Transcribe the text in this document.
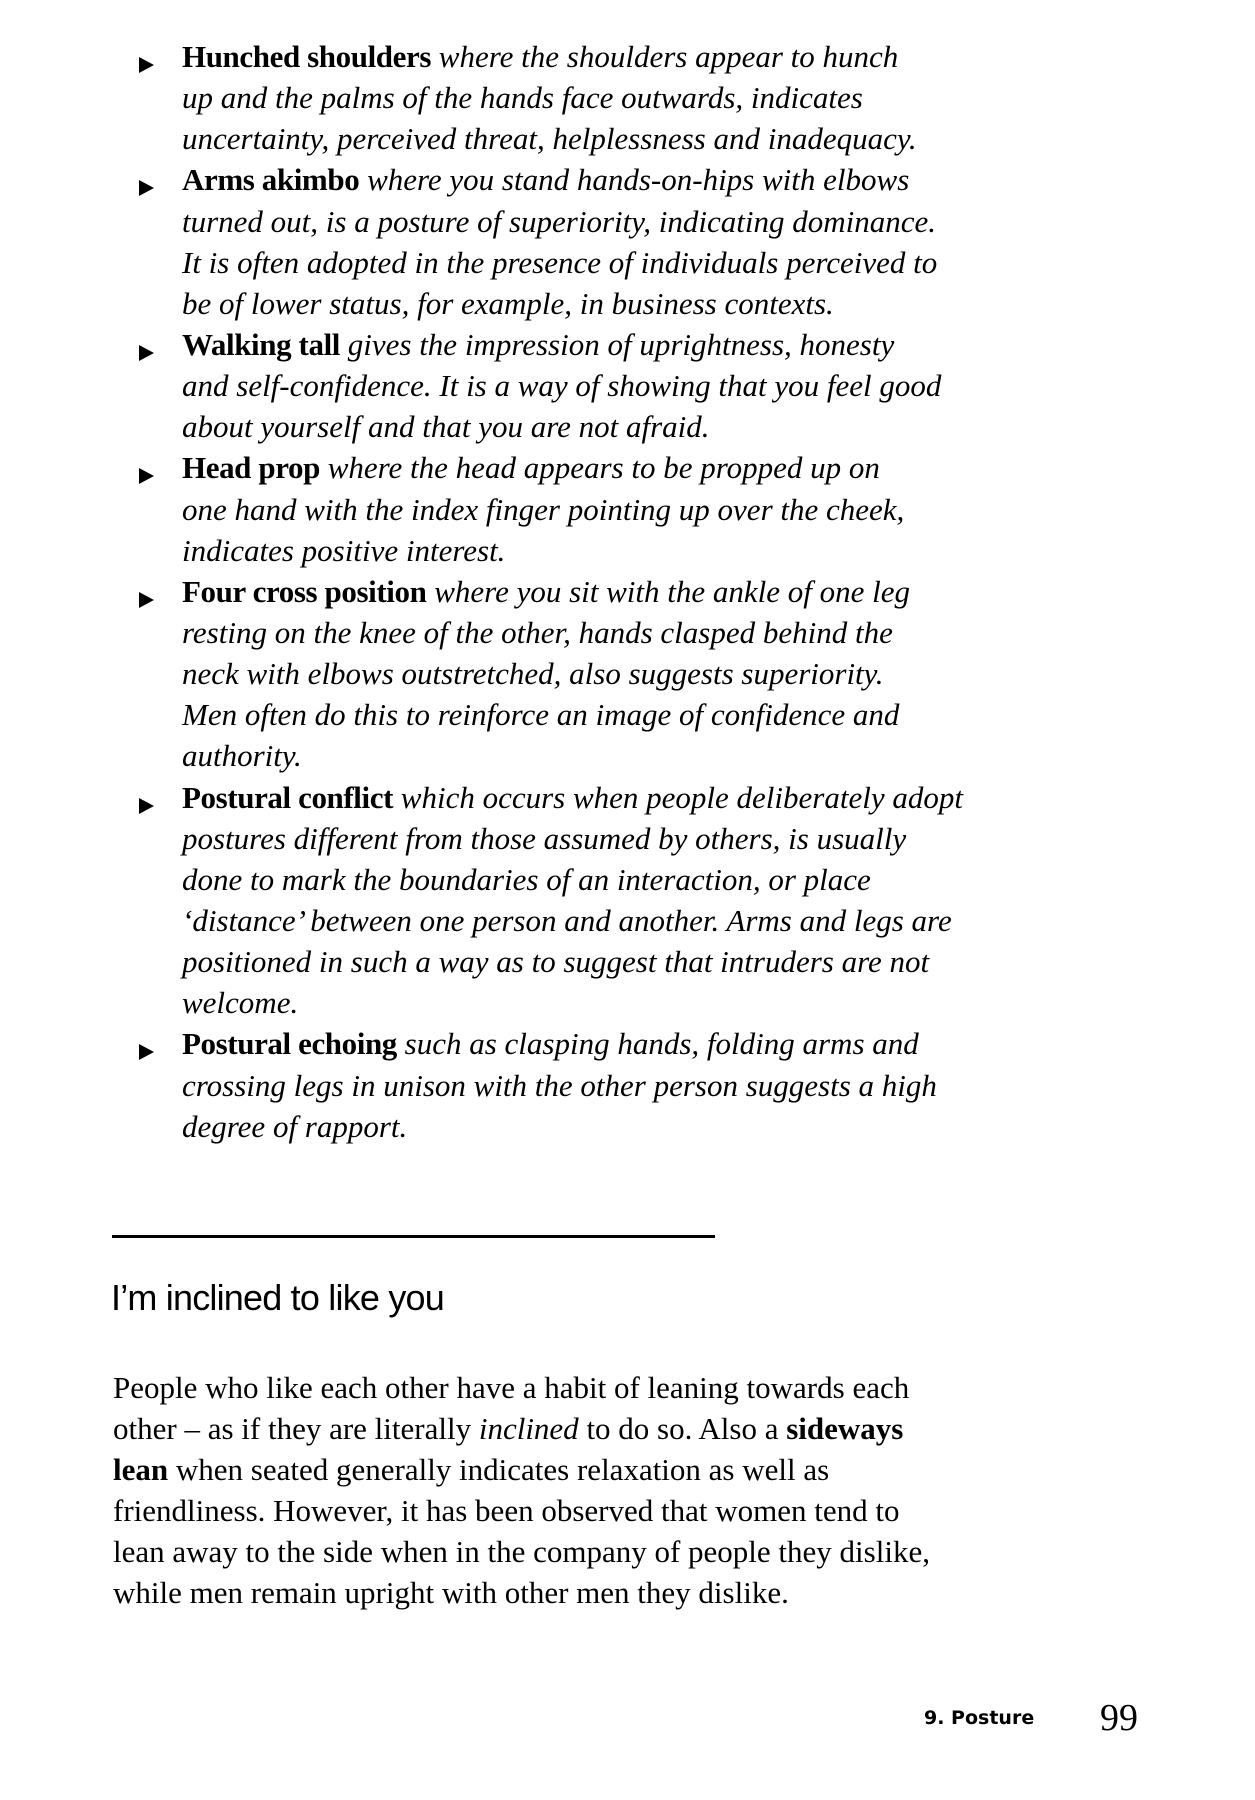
Hunched shoulders where the shoulders appear to hunch
up and the palms of the hands face outwards, indicates
uncertainty, perceived threat, helplessness and inadequacy.
Arms akimbo where you stand hands-on-hips with elbows
turned out, is a posture of superiority, indicating dominance.
It is often adopted in the presence of individuals perceived to
be of lower status, for example, in business contexts.
Walking tall gives the impression of uprightness, honesty
and self-confidence. It is a way of showing that you feel good
about yourself and that you are not afraid.
Head prop where the head appears to be propped up on
one hand with the index finger pointing up over the cheek,
indicates positive interest.
Four cross position where you sit with the ankle of one leg
resting on the knee of the other, hands clasped behind the
neck with elbows outstretched, also suggests superiority.
Men often do this to reinforce an image of confidence and
authority.
Postural conflict which occurs when people deliberately adopt
postures different from those assumed by others, is usually
done to mark the boundaries of an interaction, or place
‘distance’ between one person and another. Arms and legs are
positioned in such a way as to suggest that intruders are not
welcome.
Postural echoing such as clasping hands, folding arms and
crossing legs in unison with the other person suggests a high
degree of rapport.
I’m inclined to like you

People who like each other have a habit of leaning towards each
other – as if they are literally inclined to do so. Also a sideways
lean when seated generally indicates relaxation as well as
friendliness. However, it has been observed that women tend to
lean away to the side when in the company of people they dislike,
while men remain upright with other men they dislike.

9. Posture 99
